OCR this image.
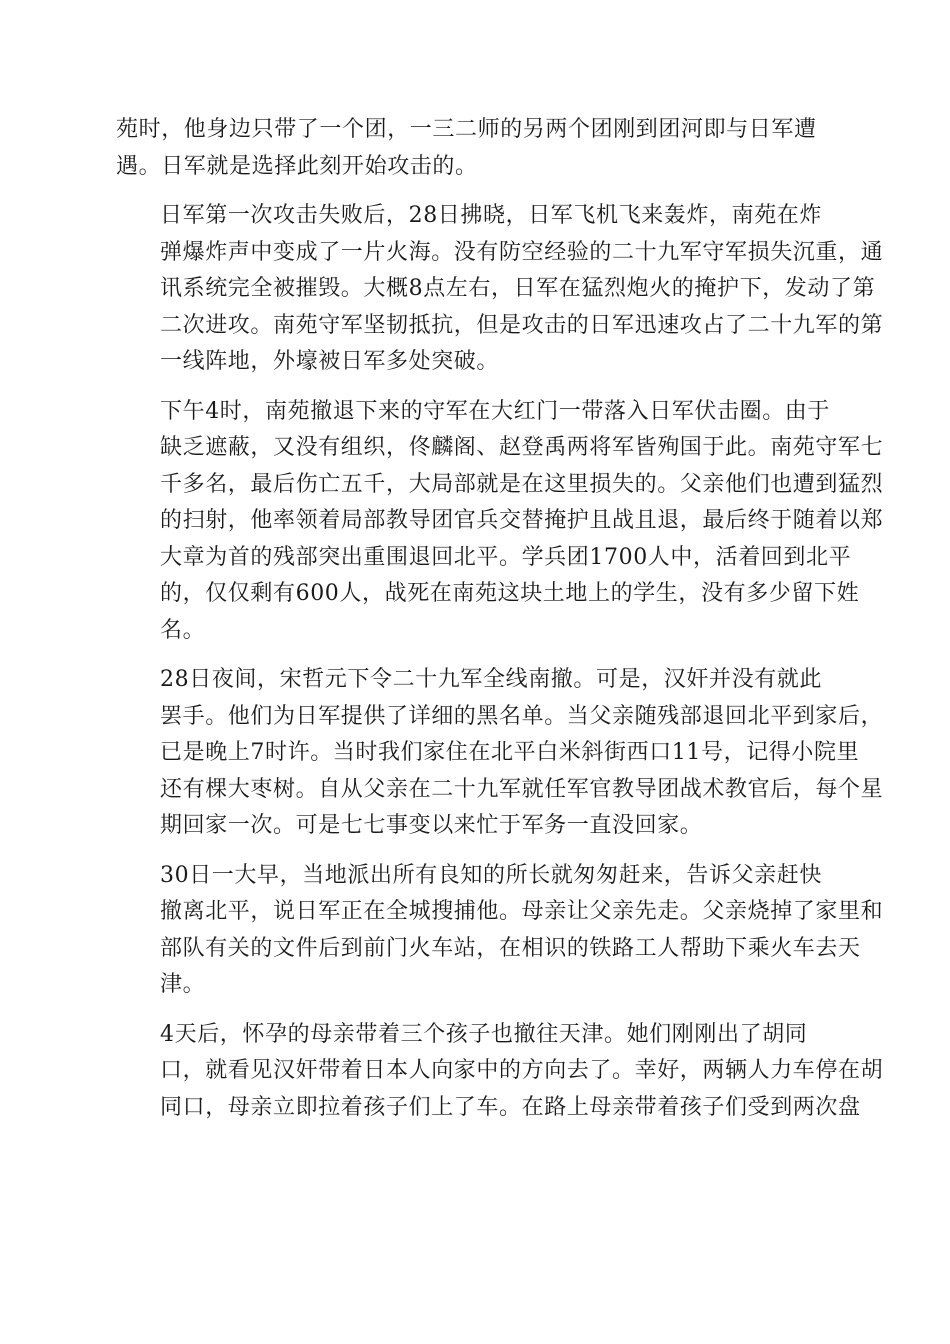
苑时，他身边只带了一个团，一三二师的另两个团刚到团河即与日军遭
遇。日军就是选择此刻开始攻击的。

日军第一次攻击失败后，28日拂晓，日军飞机飞来轰炸，南苑在炸
弹爆炸声中变成了一片火海。没有防空经验的二十九军守军损失沉重，通
讯系统完全被摧毁。大概8点左右，日军在猛烈炮火的掩护下，发动了第
二次进攻。南苑守军坚韧抵抗，但是攻击的日军迅速攻占了二十九军的第
一线阵地，外壕被日军多处突破。

下午4时，南苑撤退下来的守军在大红门一带落入日军伏击圈。由于
缺乏遮蔽，又没有组织，佟麟阁、赵登禹两将军皆殉国于此。南苑守军七
千多名，最后伤亡五千，大局部就是在这里损失的。父亲他们也遭到猛烈
的扫射，他率领着局部教导团官兵交替掩护且战且退，最后终于随着以郑
大章为首的残部突出重围退回北平。学兵团1700人中，活着回到北平
的，仅仅剩有600人，战死在南苑这块土地上的学生，没有多少留下姓
名。

28日夜间，宋哲元下令二十九军全线南撤。可是，汉奸并没有就此
罢手。他们为日军提供了详细的黑名单。当父亲随残部退回北平到家后，
已是晚上7时许。当时我们家住在北平白米斜街西口11号，记得小院里
还有棵大枣树。自从父亲在二十九军就任军官教导团战术教官后，每个星
期回家一次。可是七七事变以来忙于军务一直没回家。

30日一大早，当地派出所有良知的所长就匆匆赶来，告诉父亲赶快
撤离北平，说日军正在全城搜捕他。母亲让父亲先走。父亲烧掉了家里和
部队有关的文件后到前门火车站，在相识的铁路工人帮助下乘火车去天
津。

4天后，怀孕的母亲带着三个孩子也撤往天津。她们刚刚出了胡同
口，就看见汉奸带着日本人向家中的方向去了。幸好，两辆人力车停在胡
同口，母亲立即拉着孩子们上了车。在路上母亲带着孩子们受到两次盘
